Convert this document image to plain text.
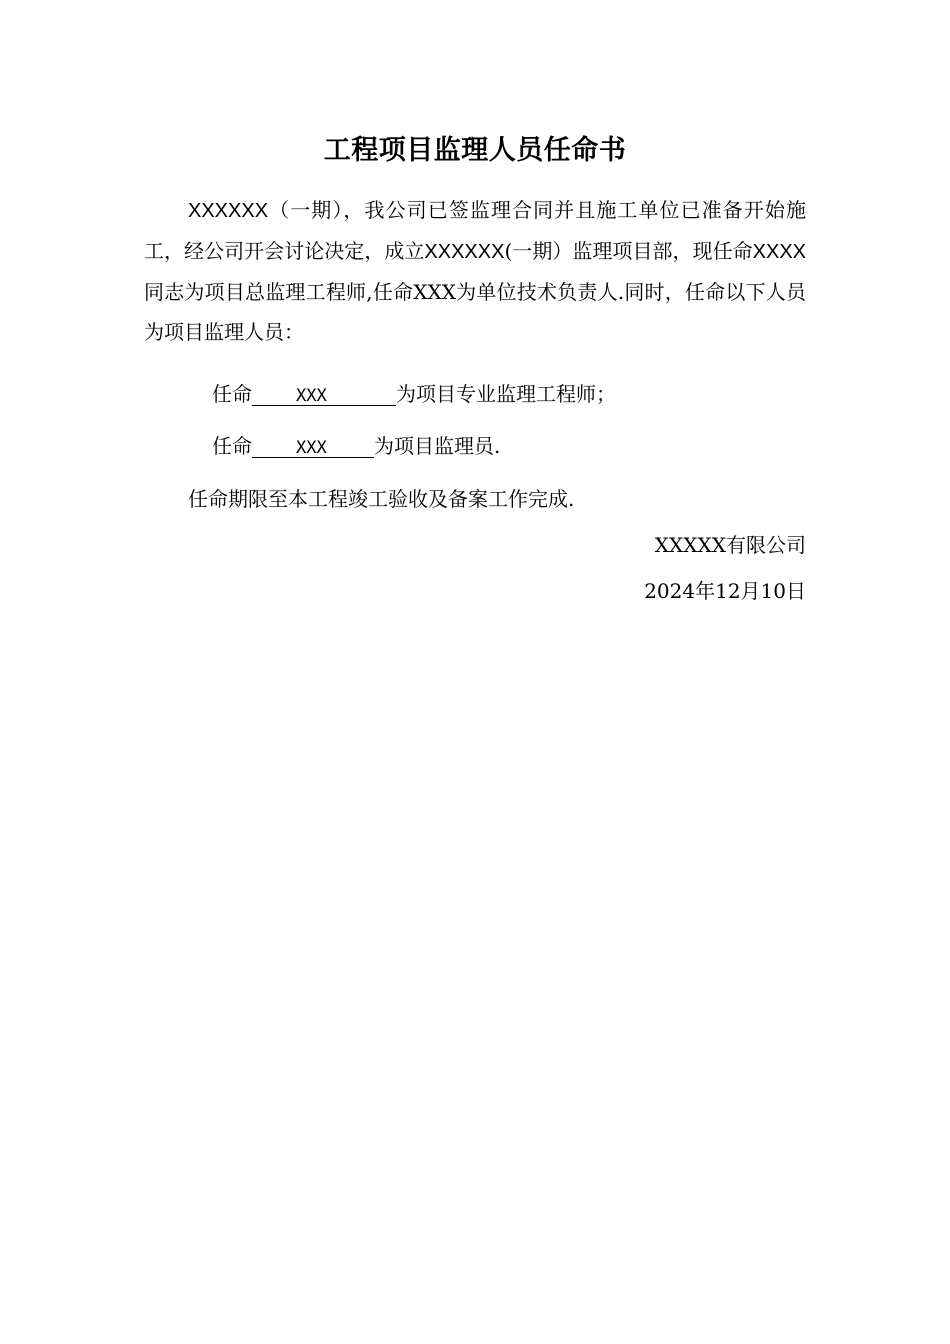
工程项目监理人员任命书

XXXXXX（一期），我公司已签监理合同并且施工单位已准备开始施工，经公司开会讨论决定，成立XXXXXX(一期）监理项目部，现任命XXXX同志为项目总监理工程师,任命XXX为单位技术负责人.同时，任命以下人员为项目监理人员：

任命	XXX	为项目专业监理工程师；
任命	XXX 为项目监理员.
任命期限至本工程竣工验收及备案工作完成.
XXXXX有限公司
2024年12月10日
